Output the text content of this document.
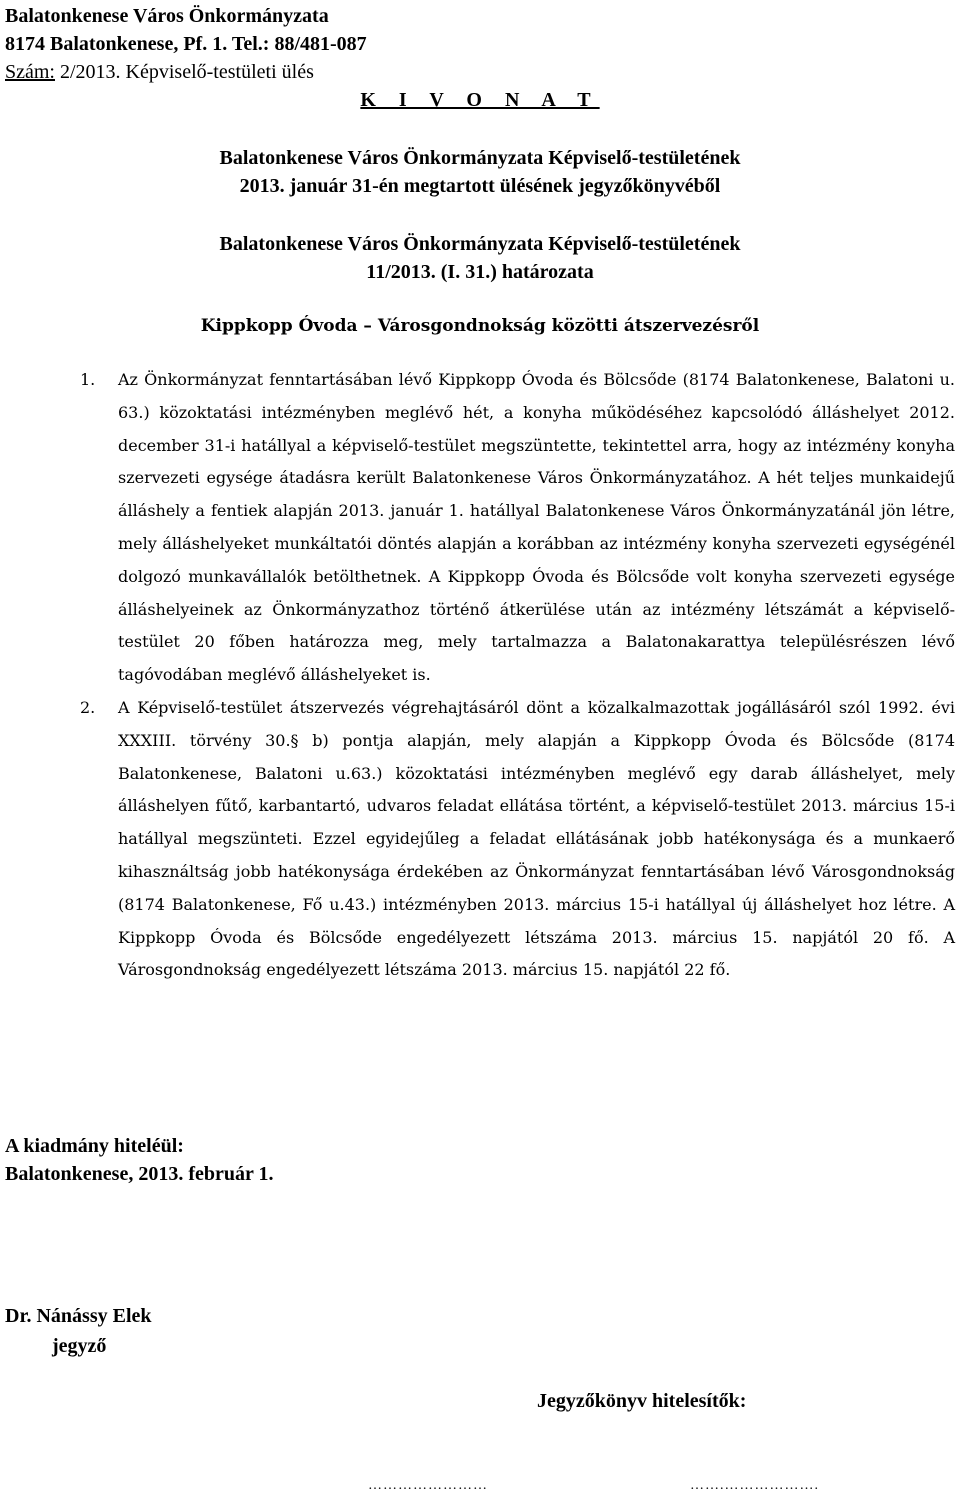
Balatonkenese Város Önkormányzata
8174 Balatonkenese, Pf. 1. Tel.: 88/481-087
Szám: 2/2013. Képviselő-testületi ülés
K I V O N A T
Balatonkenese Város Önkormányzata Képviselő-testületének
2013. január 31-én megtartott ülésének jegyzőkönyvéből
Balatonkenese Város Önkormányzata Képviselő-testületének
11/2013. (I. 31.) határozata
Kippkopp Óvoda – Városgondnokság közötti átszervezésről
1. Az Önkormányzat fenntartásában lévő Kippkopp Óvoda és Bölcsőde (8174 Balatonkenese, Balatoni u. 63.) közoktatási intézményben meglévő hét, a konyha működéséhez kapcsolódó álláshelyet 2012. december 31-i hatállyal a képviselő-testület megszüntette, tekintettel arra, hogy az intézmény konyha szervezeti egysége átadásra került Balatonkenese Város Önkormányzatához. A hét teljes munkaidejű álláshely a fentiek alapján 2013. január 1. hatállyal Balatonkenese Város Önkormányzatánál jön létre, mely álláshelyeket munkáltatói döntés alapján a korábban az intézmény konyha szervezeti egységénél dolgozó munkavállalók betölthetnek. A Kippkopp Óvoda és Bölcsőde volt konyha szervezeti egysége álláshelyeinek az Önkormányzathoz történő átkerülése után az intézmény létszámát a képviselő-testület 20 főben határozza meg, mely tartalmazza a Balatonakarattya településrészen lévő tagóvodában meglévő álláshelyeket is.
2. A Képviselő-testület átszervezés végrehajtásáról dönt a közalkalmazottak jogállásáról szól 1992. évi XXXIII. törvény 30.§ b) pontja alapján, mely alapján a Kippkopp Óvoda és Bölcsőde (8174 Balatonkenese, Balatoni u.63.) közoktatási intézményben meglévő egy darab álláshelyet, mely álláshelyen fűtő, karbantartó, udvaros feladat ellátása történt, a képviselő-testület 2013. március 15-i hatállyal megszünteti. Ezzel egyidejűleg a feladat ellátásának jobb hatékonysága és a munkaerő kihasználtság jobb hatékonysága érdekében az Önkormányzat fenntartásában lévő Városgondnokság (8174 Balatonkenese, Fő u.43.) intézményben 2013. március 15-i hatállyal új álláshelyet hoz létre. A Kippkopp Óvoda és Bölcsőde engedélyezett létszáma 2013. március 15. napjától 20 fő. A Városgondnokság engedélyezett létszáma 2013. március 15. napjától 22 fő.
A kiadmány hiteléül:
Balatonkenese, 2013. február 1.
Dr. Nánássy Elek
jegyző
Jegyzőkönyv hitelesítők:
……………………	…….……………….
